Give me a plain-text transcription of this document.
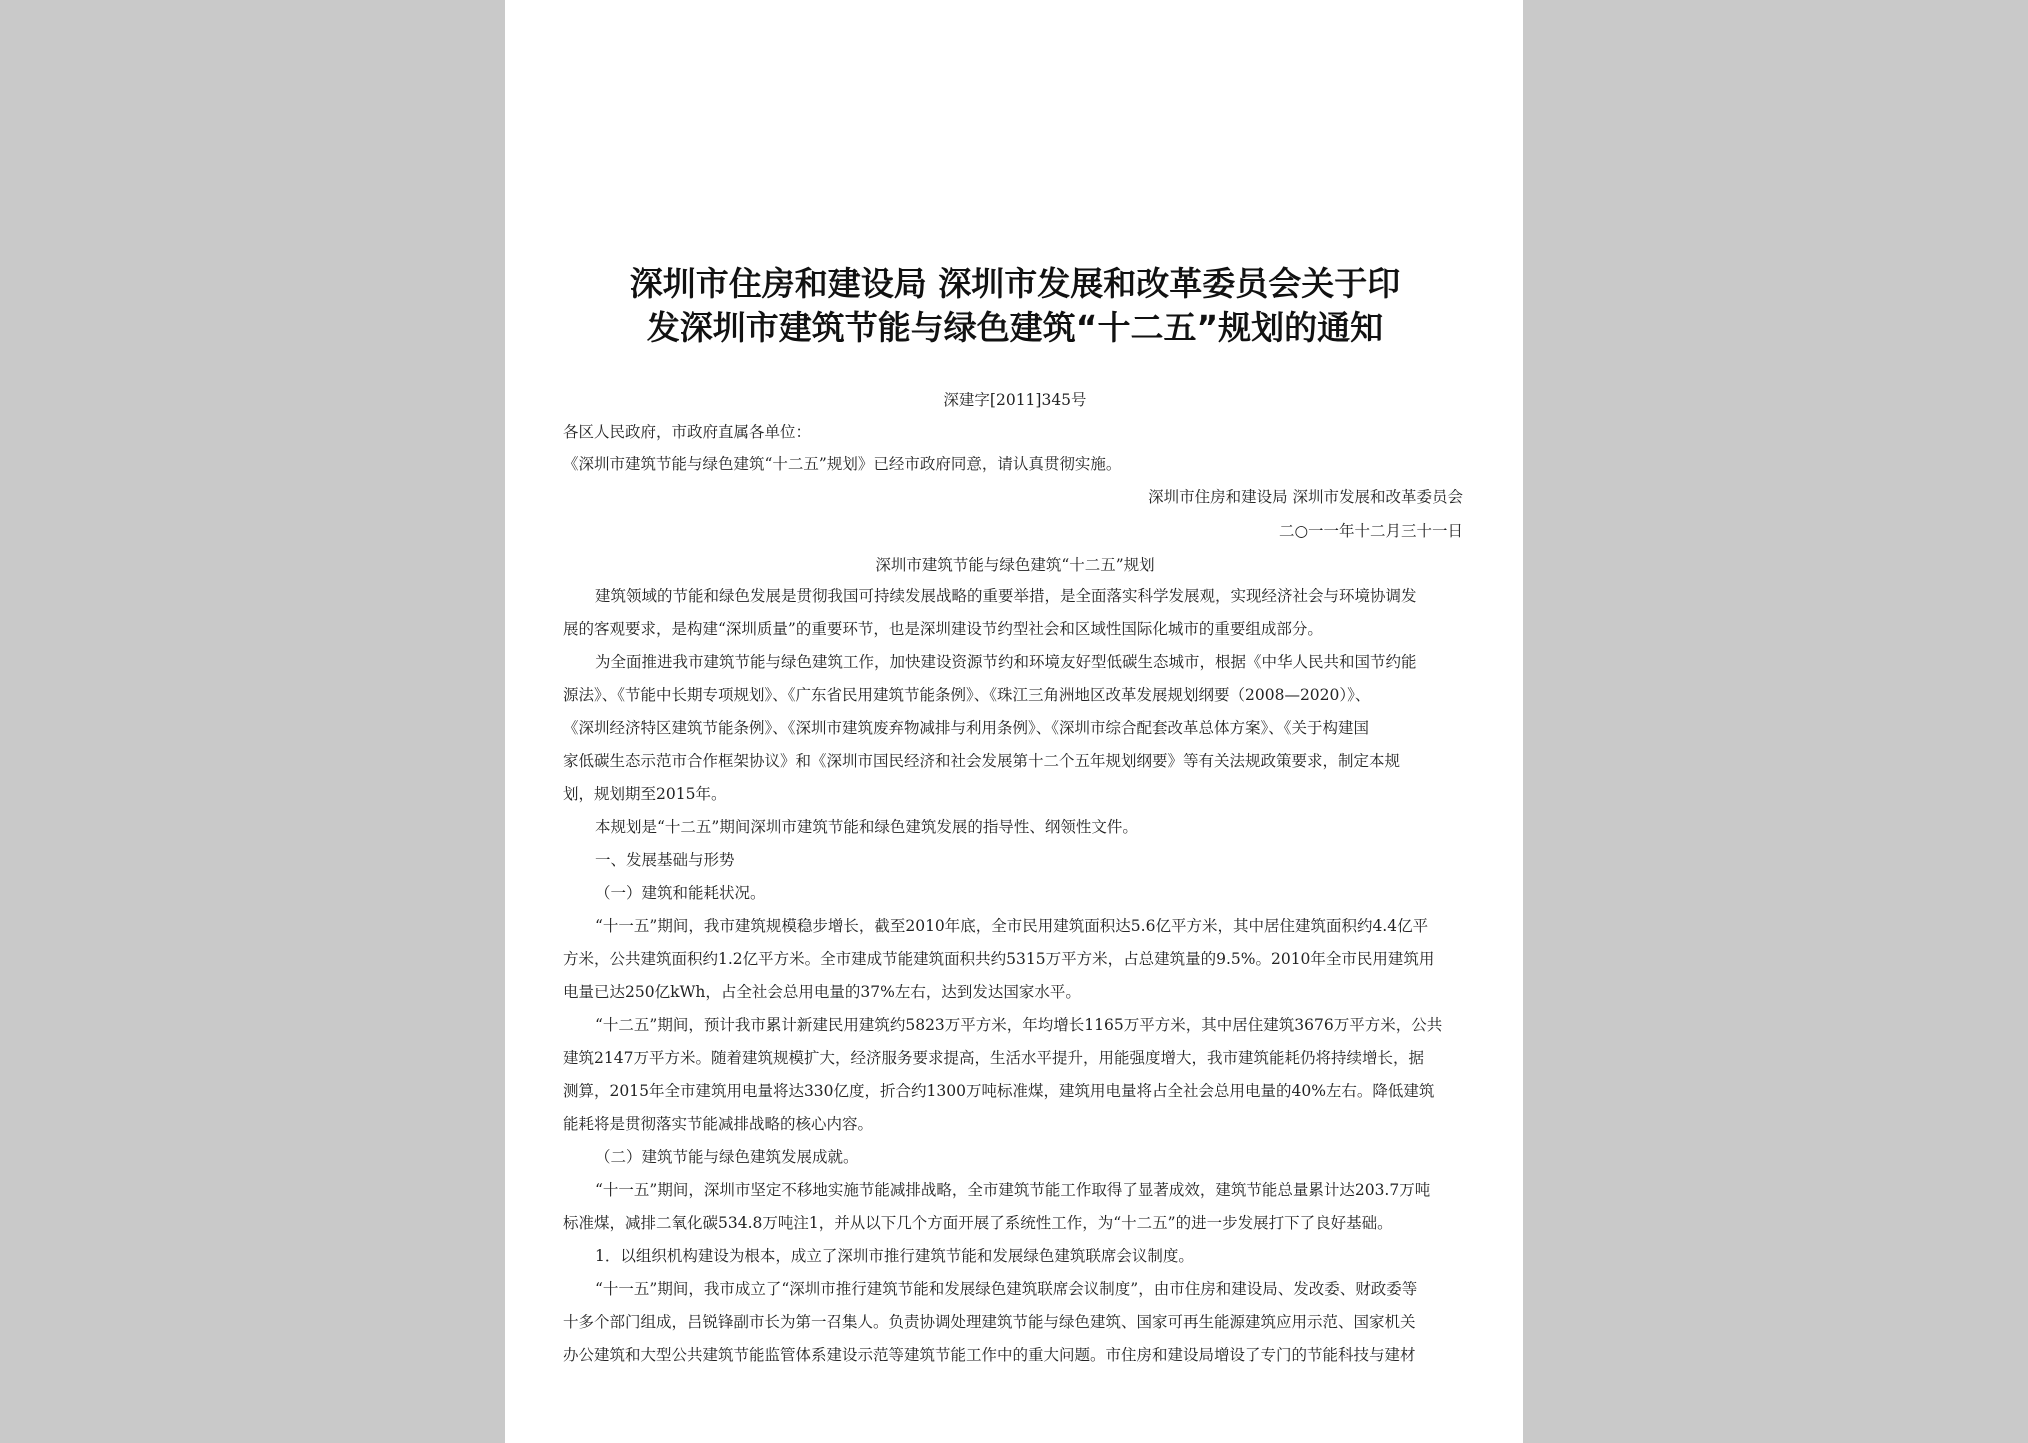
深圳市住房和建设局 深圳市发展和改革委员会关于印
发深圳市建筑节能与绿色建筑“十二五”规划的通知
深建字[2011]345号
各区人民政府，市政府直属各单位：
《深圳市建筑节能与绿色建筑“十二五”规划》已经市政府同意，请认真贯彻实施。
深圳市住房和建设局 深圳市发展和改革委员会
二○一一年十二月三十一日
深圳市建筑节能与绿色建筑“十二五”规划
建筑领域的节能和绿色发展是贯彻我国可持续发展战略的重要举措，是全面落实科学发展观，实现经济社会与环境协调发
展的客观要求，是构建“深圳质量”的重要环节，也是深圳建设节约型社会和区域性国际化城市的重要组成部分。
为全面推进我市建筑节能与绿色建筑工作，加快建设资源节约和环境友好型低碳生态城市，根据《中华人民共和国节约能
源法》、《节能中长期专项规划》、《广东省民用建筑节能条例》、《珠江三角洲地区改革发展规划纲要（2008—2020）》、
《深圳经济特区建筑节能条例》、《深圳市建筑废弃物减排与利用条例》、《深圳市综合配套改革总体方案》、《关于构建国
家低碳生态示范市合作框架协议》和《深圳市国民经济和社会发展第十二个五年规划纲要》等有关法规政策要求，制定本规
划，规划期至2015年。
本规划是“十二五”期间深圳市建筑节能和绿色建筑发展的指导性、纲领性文件。
一、发展基础与形势
（一）建筑和能耗状况。
“十一五”期间，我市建筑规模稳步增长，截至2010年底，全市民用建筑面积达5.6亿平方米，其中居住建筑面积约4.4亿平
方米，公共建筑面积约1.2亿平方米。全市建成节能建筑面积共约5315万平方米，占总建筑量的9.5%。2010年全市民用建筑用
电量已达250亿kWh，占全社会总用电量的37%左右，达到发达国家水平。
“十二五”期间，预计我市累计新建民用建筑约5823万平方米，年均增长1165万平方米，其中居住建筑3676万平方米，公共
建筑2147万平方米。随着建筑规模扩大，经济服务要求提高，生活水平提升，用能强度增大，我市建筑能耗仍将持续增长，据
测算，2015年全市建筑用电量将达330亿度，折合约1300万吨标准煤，建筑用电量将占全社会总用电量的40%左右。降低建筑
能耗将是贯彻落实节能减排战略的核心内容。
（二）建筑节能与绿色建筑发展成就。
“十一五”期间，深圳市坚定不移地实施节能减排战略，全市建筑节能工作取得了显著成效，建筑节能总量累计达203.7万吨
标准煤，减排二氧化碳534.8万吨注1，并从以下几个方面开展了系统性工作，为“十二五”的进一步发展打下了良好基础。
1．以组织机构建设为根本，成立了深圳市推行建筑节能和发展绿色建筑联席会议制度。
“十一五”期间，我市成立了“深圳市推行建筑节能和发展绿色建筑联席会议制度”，由市住房和建设局、发改委、财政委等
十多个部门组成，吕锐锋副市长为第一召集人。负责协调处理建筑节能与绿色建筑、国家可再生能源建筑应用示范、国家机关
办公建筑和大型公共建筑节能监管体系建设示范等建筑节能工作中的重大问题。市住房和建设局增设了专门的节能科技与建材
